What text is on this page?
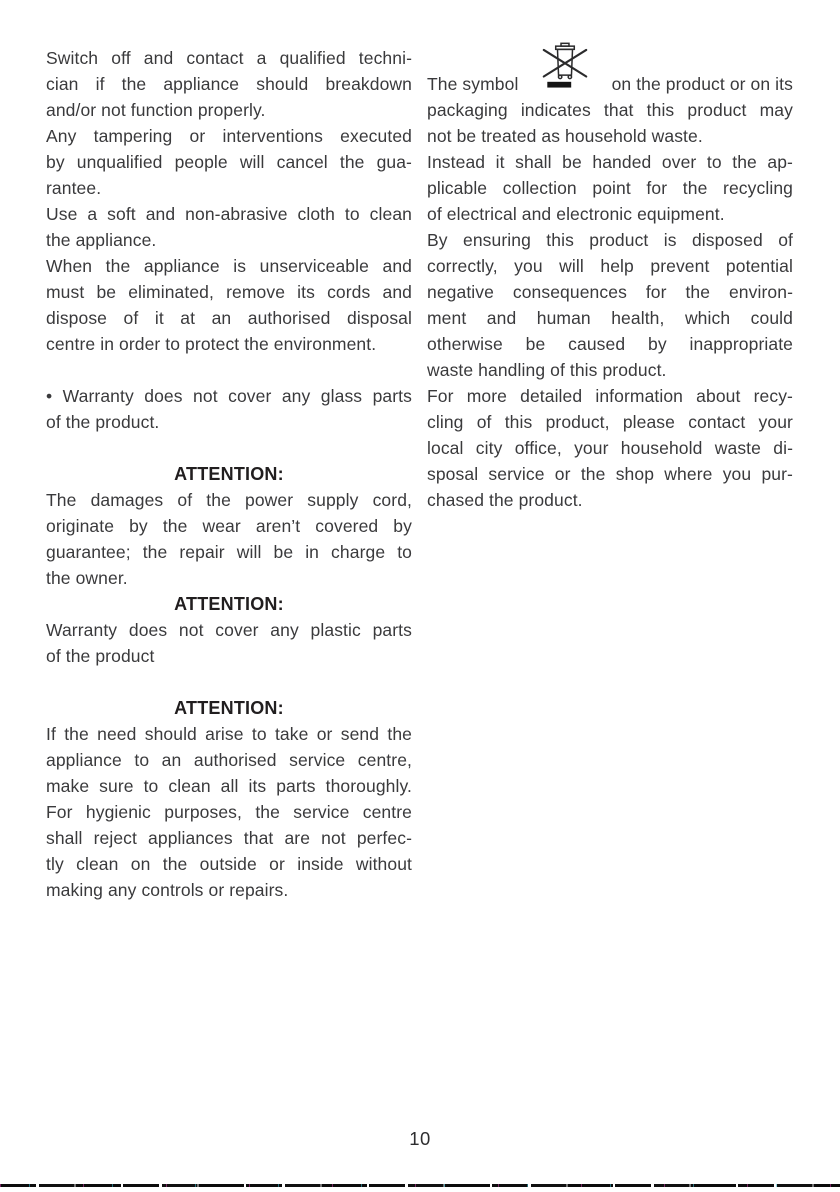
Switch off and contact a qualified techni-
cian if the appliance should breakdown
and/or not function properly.
Any tampering or interventions executed
by unqualified people will cancel the gua-
rantee.
Use a soft and non-abrasive cloth to clean
the appliance.
When the appliance is unserviceable and
must be eliminated, remove its cords and
dispose of it at an authorised disposal
centre in order to protect the environment.
• Warranty does not cover any glass parts
of the product.
ATTENTION:
The damages of the power supply cord,
originate by the wear aren’t covered by
guarantee; the repair will be in charge to
the owner.
ATTENTION:
Warranty does not cover any plastic parts
of the product
ATTENTION:
If the need should arise to take or send the
appliance to an authorised service centre,
make sure to clean all its parts thoroughly.
For hygienic purposes, the service centre
shall reject appliances that are not perfec-
tly clean on the outside or inside without
making any controls or repairs.
The symbol	on the product or on its
packaging indicates that this product may
not be treated as household waste.
Instead it shall be handed over to the ap-
plicable collection point for the recycling
of electrical and electronic equipment.
By ensuring this product is disposed of
correctly, you will help prevent potential
negative consequences for the environ-
ment and human health, which could
otherwise be caused by inappropriate
waste handling of this product.
For more detailed information about recy-
cling of this product, please contact your
local city office, your household waste di-
sposal service or the shop where you pur-
chased the product.
10
